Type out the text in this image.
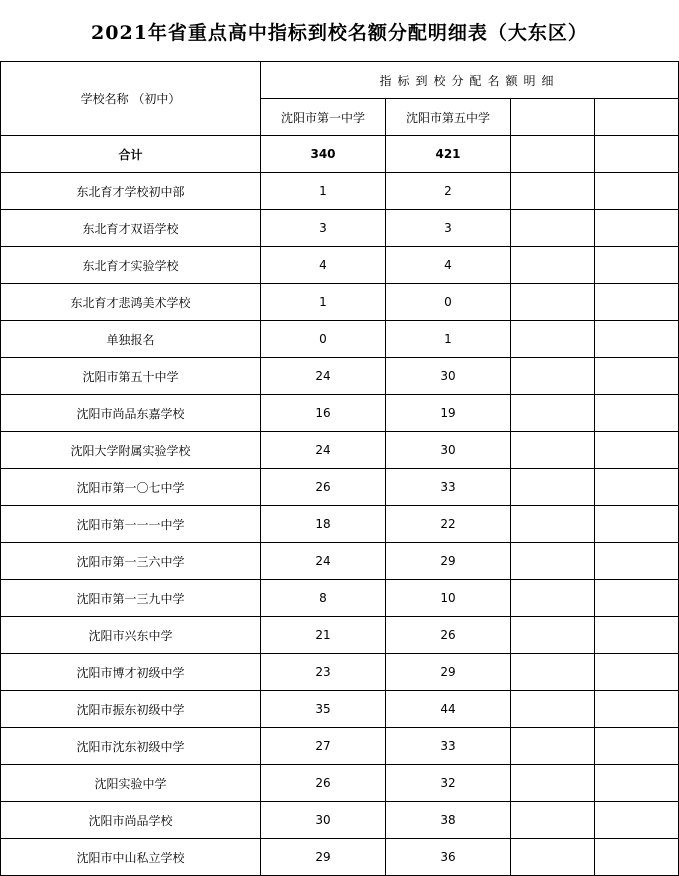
2021年省重点高中指标到校名额分配明细表（大东区）
学校名称 （初中）	指标到校分配名额明细			
	沈阳市第一中学	沈阳市第五中学		
合计	340	421		
东北育才学校初中部	1	2		
东北育才双语学校	3	3		
东北育才实验学校	4	4		
东北育才悲鸿美术学校	1	0		
单独报名	0	1		
沈阳市第五十中学	24	30		
沈阳市尚品东嘉学校	16	19		
沈阳大学附属实验学校	24	30		
沈阳市第一〇七中学	26	33		
沈阳市第一一一中学	18	22		
沈阳市第一三六中学	24	29		
沈阳市第一三九中学	8	10		
沈阳市兴东中学	21	26		
沈阳市博才初级中学	23	29		
沈阳市振东初级中学	35	44		
沈阳市沈东初级中学	27	33		
沈阳实验中学	26	32		
沈阳市尚品学校	30	38		
沈阳市中山私立学校	29	36		
